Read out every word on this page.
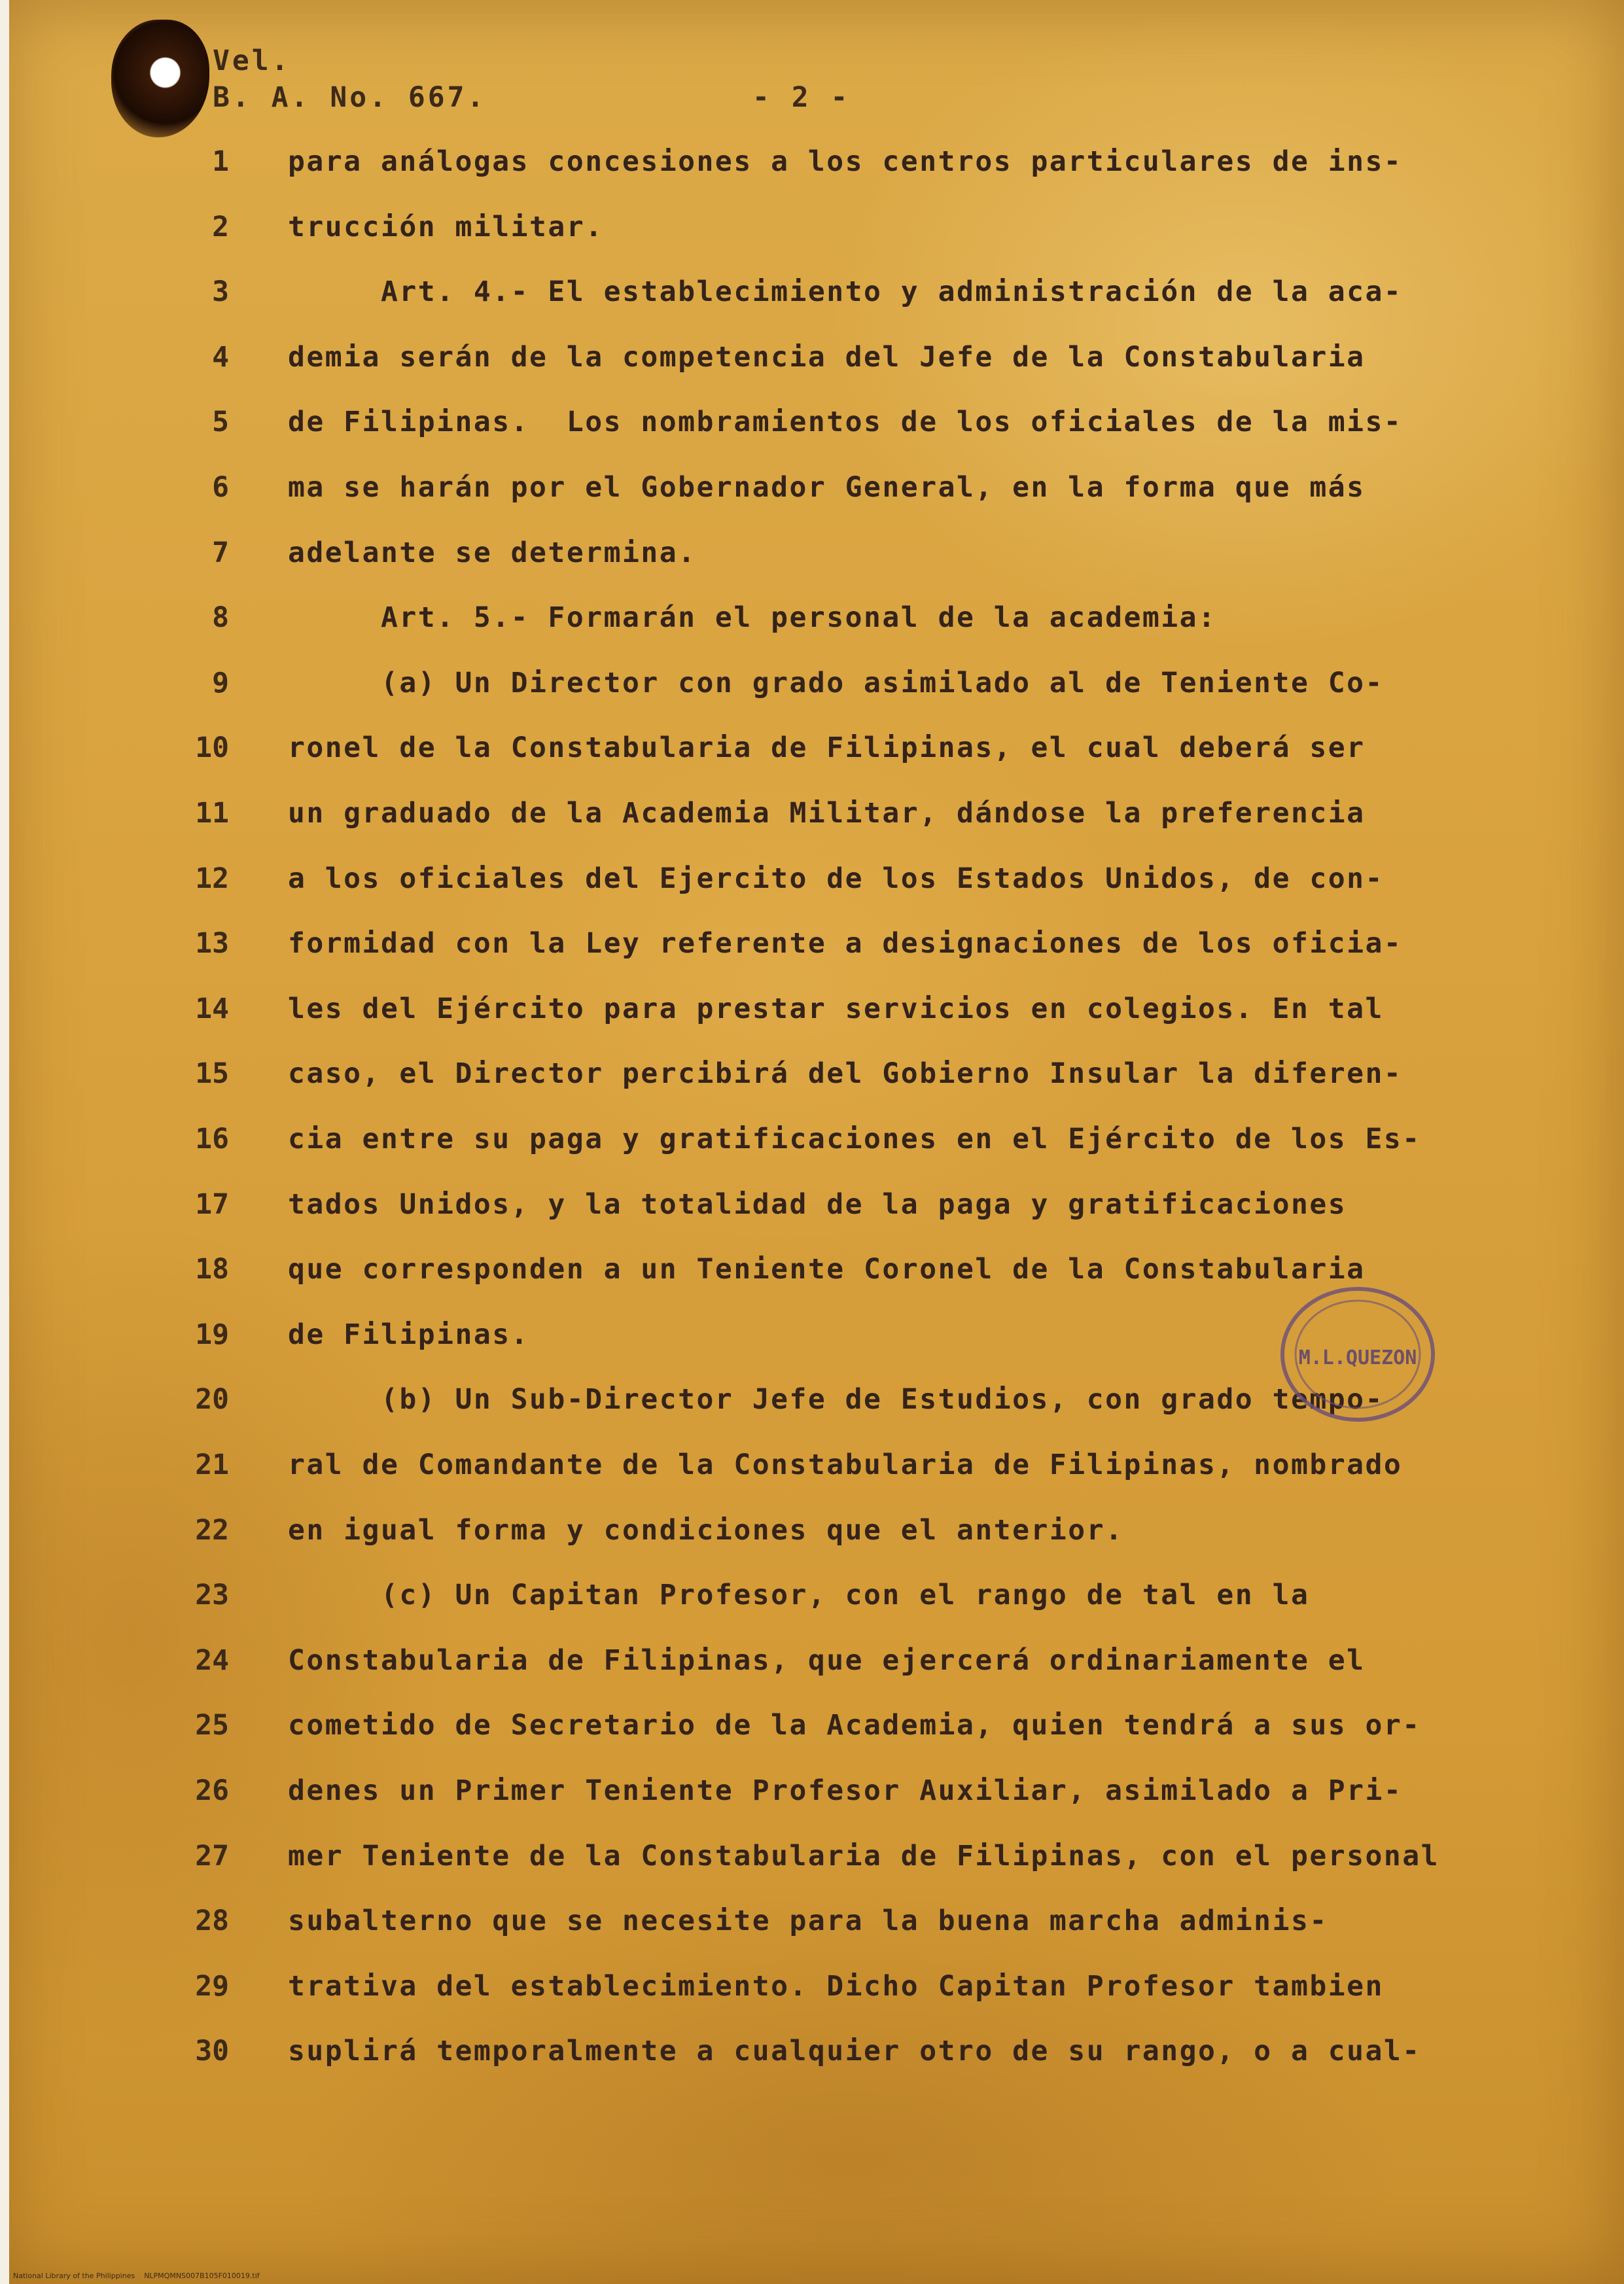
Vel.
B. A. No. 667.	- 2 -
1 para análogas concesiones a los centros particulares de ins-
2 trucción militar.
3 Art. 4.- El establecimiento y administración de la aca-
4 demia serán de la competencia del Jefe de la Constabularia
5 de Filipinas.  Los nombramientos de los oficiales de la mis-
6 ma se harán por el Gobernador General, en la forma que más
7 adelante se determina.
8 Art. 5.- Formarán el personal de la academia:
9 (a) Un Director con grado asimilado al de Teniente Co-
10 ronel de la Constabularia de Filipinas, el cual deberá ser
11 un graduado de la Academia Militar, dándose la preferencia
12 a los oficiales del Ejercito de los Estados Unidos, de con-
13 formidad con la Ley referente a designaciones de los oficia-
14 les del Ejército para prestar servicios en colegios. En tal
15 caso, el Director percibirá del Gobierno Insular la diferen-
16 cia entre su paga y gratificaciones en el Ejército de los Es-
17 tados Unidos, y la totalidad de la paga y gratificaciones
18 que corresponden a un Teniente Coronel de la Constabularia
19 de Filipinas.
20 (b) Un Sub-Director Jefe de Estudios, con grado tempo-
21 ral de Comandante de la Constabularia de Filipinas, nombrado
22 en igual forma y condiciones que el anterior.
23 (c) Un Capitan Profesor, con el rango de tal en la
24 Constabularia de Filipinas, que ejercerá ordinariamente el
25 cometido de Secretario de la Academia, quien tendrá a sus or-
26 denes un Primer Teniente Profesor Auxiliar, asimilado a Pri-
27 mer Teniente de la Constabularia de Filipinas, con el personal
28 subalterno que se necesite para la buena marcha adminis-
29 trativa del establecimiento. Dicho Capitan Profesor tambien
30 suplirá temporalmente a cualquier otro de su rango, o a cual-
M.L.QUEZON
National Library of the Philippines    NLPMQMNS007B105F010019.tif
